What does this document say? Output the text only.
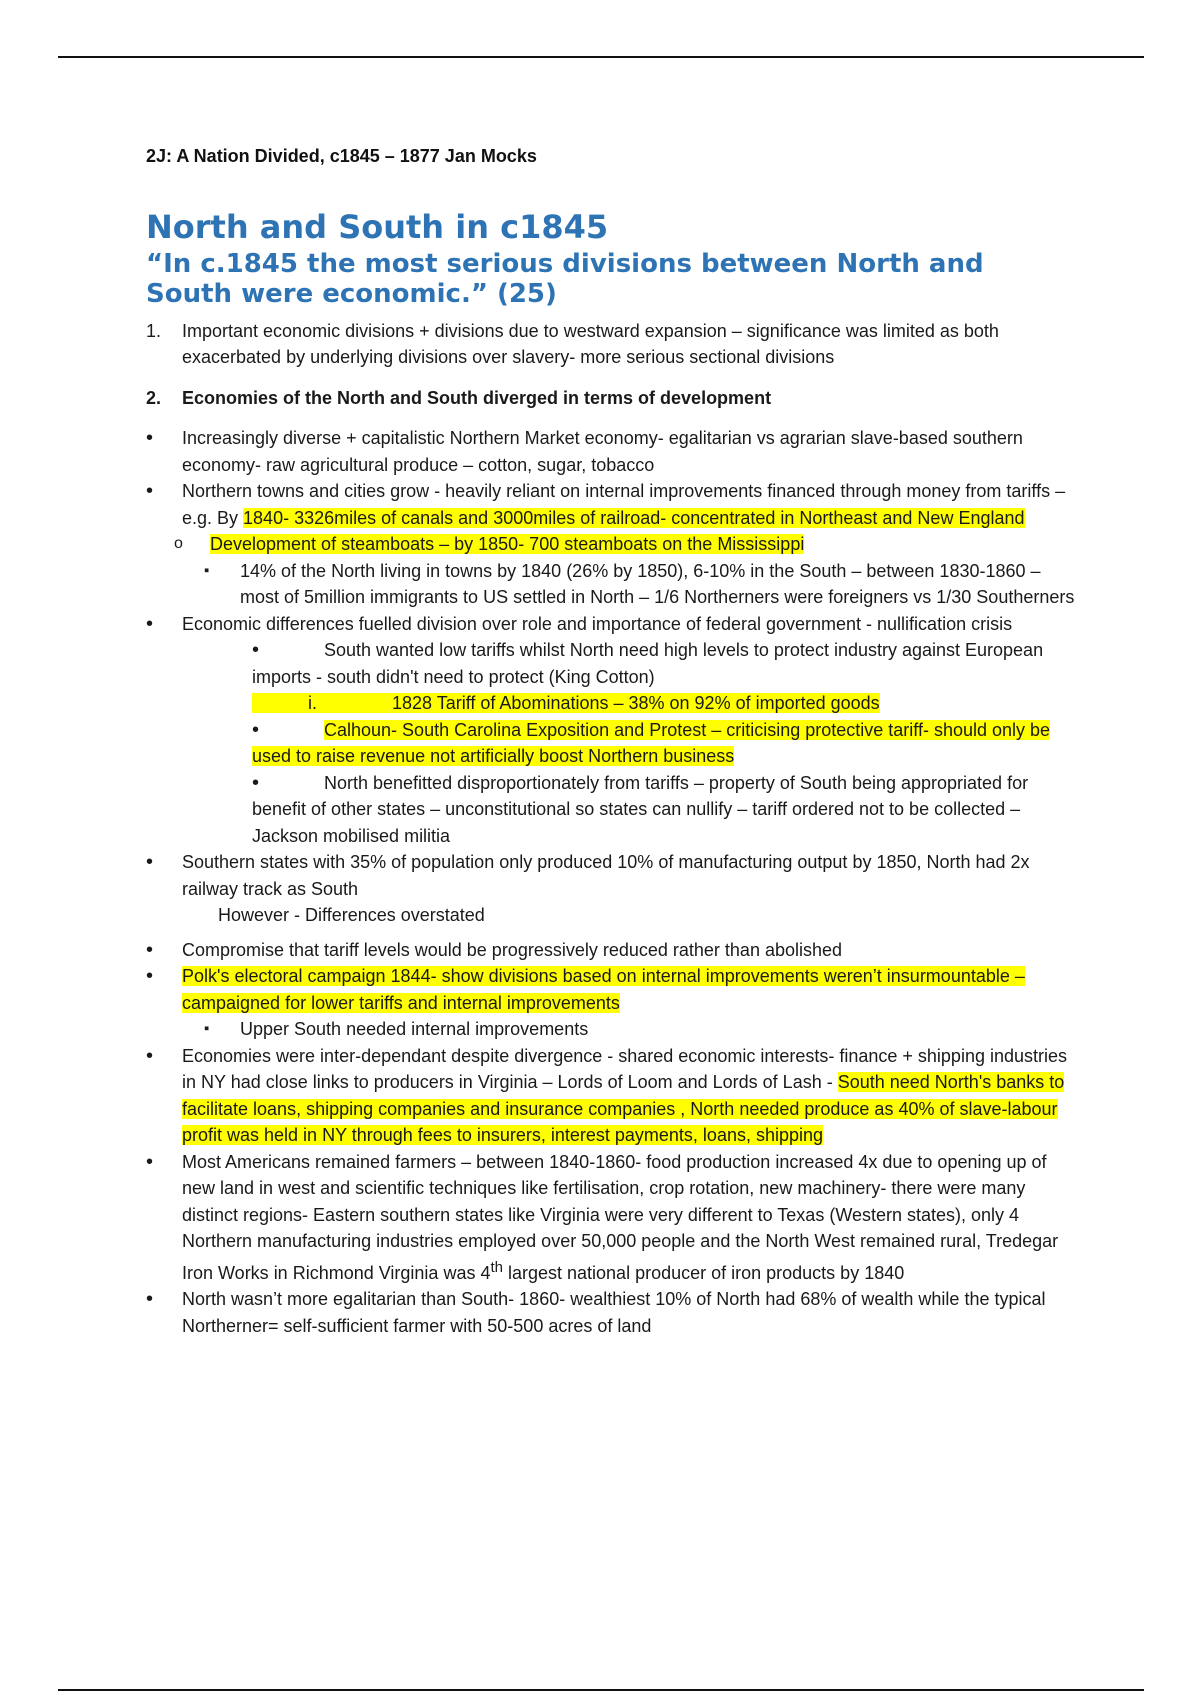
2J: A Nation Divided, c1845 – 1877 Jan Mocks

North and South in c1845
“In c.1845 the most serious divisions between North and South were economic.” (25)
1. Important economic divisions + divisions due to westward expansion – significance was limited as both exacerbated by underlying divisions over slavery- more serious sectional divisions
2. Economies of the North and South diverged in terms of development
• Increasingly diverse + capitalistic Northern Market economy- egalitarian vs agrarian slave-based southern economy- raw agricultural produce – cotton, sugar, tobacco
• Northern towns and cities grow - heavily reliant on internal improvements financed through money from tariffs – e.g. By 1840- 3326miles of canals and 3000miles of railroad- concentrated in Northeast and New England
o Development of steamboats – by 1850- 700 steamboats on the Mississippi
▪ 14% of the North living in towns by 1840 (26% by 1850), 6-10% in the South – between 1830-1860 – most of 5million immigrants to US settled in North – 1/6 Northerners were foreigners vs 1/30 Southerners
• Economic differences fuelled division over role and importance of federal government - nullification crisis
•	South wanted low tariffs whilst North need high levels to protect industry against European imports - south didn't need to protect (King Cotton)
i.	1828 Tariff of Abominations – 38% on 92% of imported goods
•	Calhoun- South Carolina Exposition and Protest – criticising protective tariff- should only be used to raise revenue not artificially boost Northern business
•	North benefitted disproportionately from tariffs – property of South being appropriated for benefit of other states – unconstitutional so states can nullify – tariff ordered not to be collected – Jackson mobilised militia
• Southern states with 35% of population only produced 10% of manufacturing output by 1850, North had 2x railway track as South
However - Differences overstated
• Compromise that tariff levels would be progressively reduced rather than abolished
• Polk's electoral campaign 1844- show divisions based on internal improvements weren’t insurmountable – campaigned for lower tariffs and internal improvements
▪ Upper South needed internal improvements
• Economies were inter-dependant despite divergence - shared economic interests- finance + shipping industries in NY had close links to producers in Virginia – Lords of Loom and Lords of Lash - South need North's banks to facilitate loans, shipping companies and insurance companies , North needed produce as 40% of slave-labour profit was held in NY through fees to insurers, interest payments, loans, shipping
• Most Americans remained farmers – between 1840-1860- food production increased 4x due to opening up of new land in west and scientific techniques like fertilisation, crop rotation, new machinery- there were many distinct regions- Eastern southern states like Virginia were very different to Texas (Western states), only 4 Northern manufacturing industries employed over 50,000 people and the North West remained rural, Tredegar Iron Works in Richmond Virginia was 4th largest national producer of iron products by 1840
• North wasn’t more egalitarian than South- 1860- wealthiest 10% of North had 68% of wealth while the typical Northerner= self-sufficient farmer with 50-500 acres of land
